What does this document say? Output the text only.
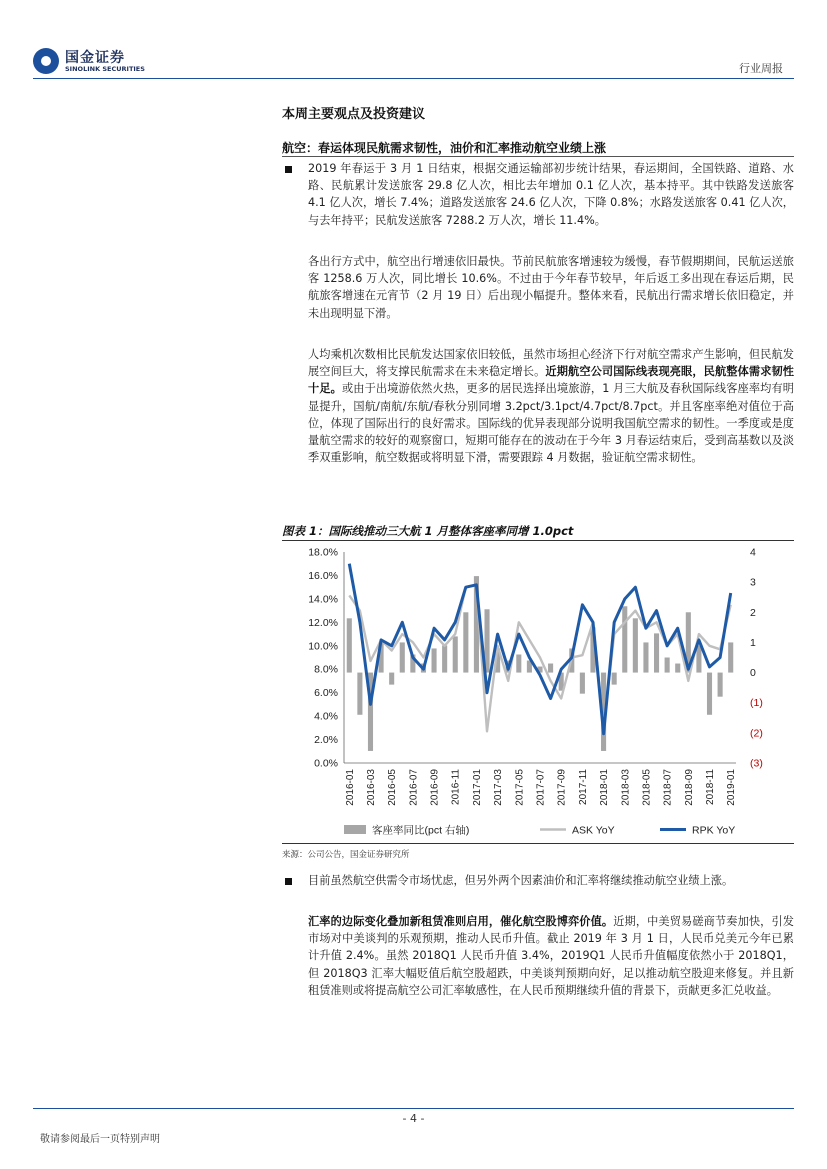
国金证券
SINOLINK SECURITIES	行业周报
本周主要观点及投资建议
航空：春运体现民航需求韧性，油价和汇率推动航空业绩上涨
2019 年春运于 3 月 1 日结束，根据交通运输部初步统计结果，春运期间，全国铁路、道路、水路、民航累计发送旅客 29.8 亿人次，相比去年增加 0.1 亿人次，基本持平。其中铁路发送旅客 4.1 亿人次，增长 7.4%；道路发送旅客 24.6 亿人次，下降 0.8%；水路发送旅客 0.41 亿人次，与去年持平；民航发送旅客 7288.2 万人次，增长 11.4%。
各出行方式中，航空出行增速依旧最快。节前民航旅客增速较为缓慢，春节假期期间，民航运送旅客 1258.6 万人次，同比增长 10.6%。不过由于今年春节较早，年后返工多出现在春运后期，民航旅客增速在元宵节（2 月 19 日）后出现小幅提升。整体来看，民航出行需求增长依旧稳定，并未出现明显下滑。
人均乘机次数相比民航发达国家依旧较低，虽然市场担心经济下行对航空需求产生影响，但民航发展空间巨大，将支撑民航需求在未来稳定增长。近期航空公司国际线表现亮眼，民航整体需求韧性十足。或由于出境游依然火热，更多的居民选择出境旅游，1 月三大航及春秋国际线客座率均有明显提升，国航/南航/东航/春秋分别同增 3.2pct/3.1pct/4.7pct/8.7pct。并且客座率绝对值位于高位，体现了国际出行的良好需求。国际线的优异表现部分说明我国航空需求的韧性。一季度或是度量航空需求的较好的观察窗口，短期可能存在的波动在于今年 3 月春运结束后，受到高基数以及淡季双重影响，航空数据或将明显下滑，需要跟踪 4 月数据，验证航空需求韧性。
图表 1：国际线推动三大航 1 月整体客座率同增 1.0pct
18.0%
16.0%
14.0%
12.0%
10.0%
8.0%
6.0%
4.0%
2.0%
0.0%
4
3
2
1
0
(1)
(2)
(3)
2016-01 2016-03 2016-05 2016-07 2016-09 2016-11 2017-01 2017-03 2017-05 2017-07 2017-09 2017-11 2018-01 2018-03 2018-05 2018-07 2018-09 2018-11 2019-01
客座率同比(pct 右轴)	ASK YoY	RPK YoY
来源：公司公告，国金证券研究所
目前虽然航空供需令市场忧虑，但另外两个因素油价和汇率将继续推动航空业绩上涨。
汇率的边际变化叠加新租赁准则启用，催化航空股博弈价值。近期，中美贸易磋商节奏加快，引发市场对中美谈判的乐观预期，推动人民币升值。截止 2019 年 3 月 1 日，人民币兑美元今年已累计升值 2.4%。虽然 2018Q1 人民币升值 3.4%，2019Q1 人民币升值幅度依然小于 2018Q1，但 2018Q3 汇率大幅贬值后航空股超跌，中美谈判预期向好，足以推动航空股迎来修复。并且新租赁准则或将提高航空公司汇率敏感性，在人民币预期继续升值的背景下，贡献更多汇兑收益。
- 4 -
敬请参阅最后一页特别声明
